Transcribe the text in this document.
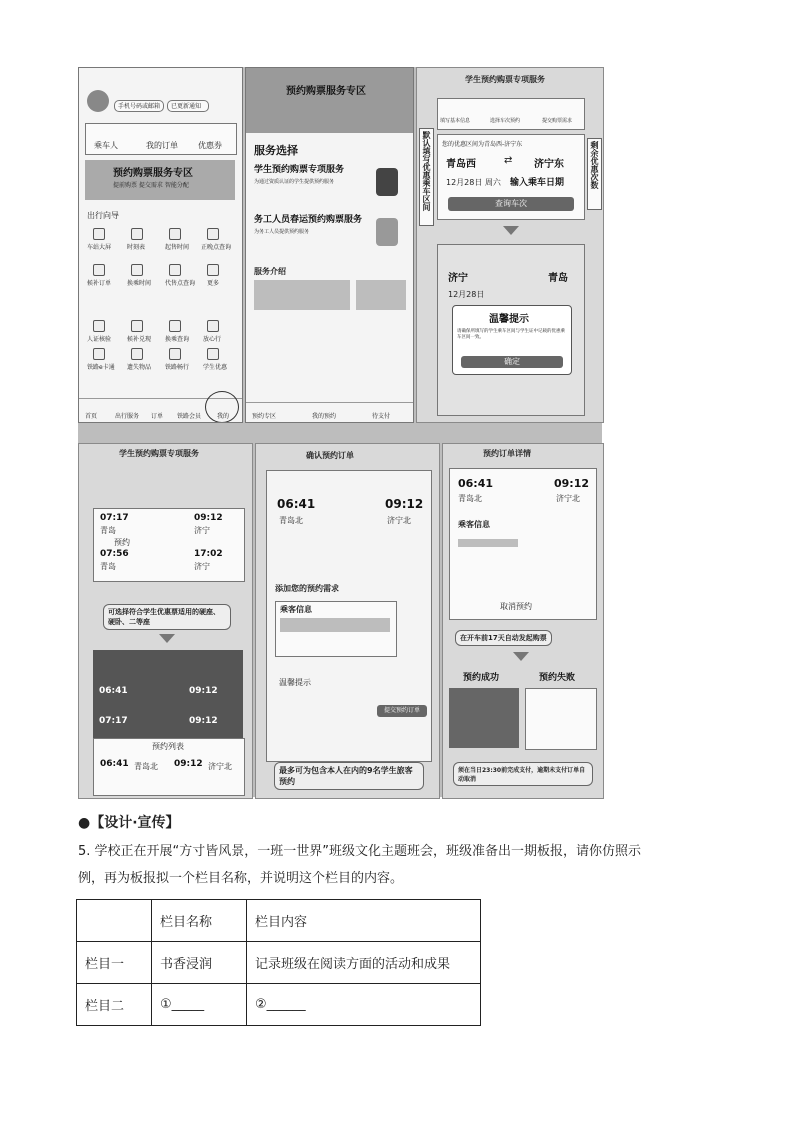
手机号码或邮箱 已更新通知
乘车人	我的订单	优惠券
预约购票服务专区
提前购票 提交需求 智能分配
出行向导
车站大屏	时刻表	起售时间 正晚点查询
候补订单	换乘时间 代售点查询 更多
人证核验	候补兑现 换乘查询 放心行
铁路e卡通 遗失物品 铁路畅行 学生优惠
首页	出行服务 订单 铁路会员	我的
预约购票服务专区
服务选择
学生预约购票专项服务
为通过资质认证的学生提供预约服务
务工人员春运预约购票服务
为务工人员提供预约服务
服务介绍
预约专区	我的预约	待支付
学生预约购票专项服务
填写基本信息	选择车次预约	提交购票需求
您的优惠区间为青岛西-济宁东
青岛西	⇄ 济宁东
12月28日 周六 输入乘车日期
查询车次
济宁	青岛
12月28日
温馨提示
请确保所填写的学生乘车区间与学生证中记载的优惠乘车区间一致。
确定
默认填写优惠乘车区间	剩余优惠次数
学生预约购票专项服务
07:17	09:12
青岛	济宁
预约
07:56	17:02
青岛	济宁
可选择符合学生优惠票适用的硬座、硬卧、二等座
06:41	09:12
07:17	09:12
预约列表
06:41 青岛北 09:12 济宁北
确认预约订单
06:41	09:12
青岛北	济宁北
添加您的预约需求
乘客信息
温馨提示
提交预约订单
最多可为包含本人在内的9名学生旅客预约
预约订单详情
06:41	09:12
青岛北	济宁北
乘客信息
取消预约
在开车前17天自动发起购票
预约成功	预约失败
须在当日23:30前完成支付，逾期未支付订单自动取消
●【设计·宣传】
5. 学校正在开展“方寸皆风景，一班一世界”班级文化主题班会，班级准备出一期板报，请你仿照示
例，再为板报拟一个栏目名称，并说明这个栏目的内容。
	栏目名称	栏目内容
栏目一	书香浸润	记录班级在阅读方面的活动和成果
栏目二	①_____	②______
